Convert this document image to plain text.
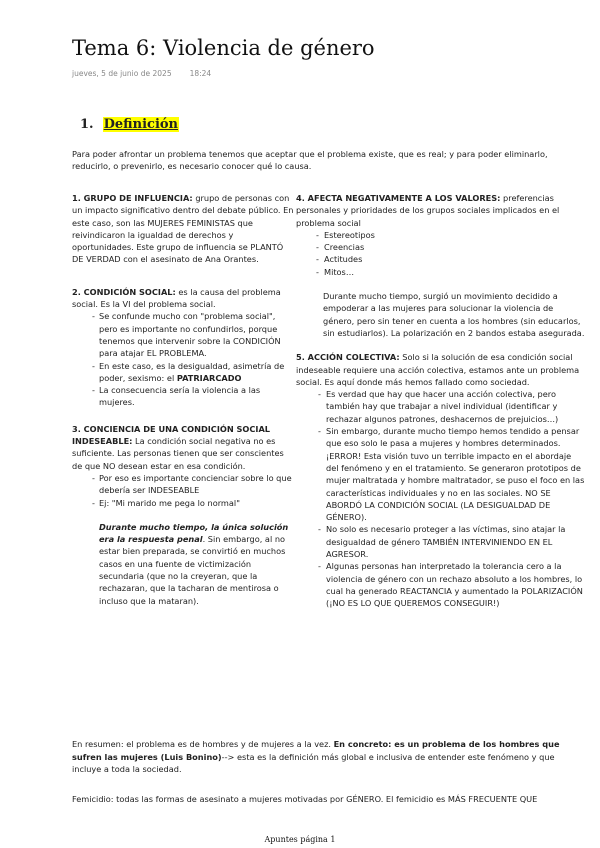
Tema 6: Violencia de género
jueves, 5 de junio de 2025 18:24
1. Definición
Para poder afrontar un problema tenemos que aceptar que el problema existe, que es real; y para poder eliminarlo, reducirlo, o prevenirlo, es necesario conocer qué lo causa.

1. GRUPO DE INFLUENCIA: grupo de personas con un impacto significativo dentro del debate público. En este caso, son las MUJERES FEMINISTAS que reivindicaron la igualdad de derechos y oportunidades. Este grupo de influencia se PLANTÓ DE VERDAD con el asesinato de Ana Orantes.

2. CONDICIÓN SOCIAL: es la causa del problema social. Es la VI del problema social.

- Se confunde mucho con "problema social", pero es importante no confundirlos, porque tenemos que intervenir sobre la CONDICIÓN para atajar EL PROBLEMA.
- En este caso, es la desigualdad, asimetría de poder, sexismo: el PATRIARCADO
- La consecuencia sería la violencia a las mujeres.

3. CONCIENCIA DE UNA CONDICIÓN SOCIAL INDESEABLE: La condición social negativa no es suficiente. Las personas tienen que ser conscientes de que NO desean estar en esa condición.

- Por eso es importante concienciar sobre lo que debería ser INDESEABLE
- Ej: "Mi marido me pega lo normal"

Durante mucho tiempo, la única solución era la respuesta penal. Sin embargo, al no estar bien preparada, se convirtió en muchos casos en una fuente de victimización secundaria (que no la creyeran, que la rechazaran, que la tacharan de mentirosa o incluso que la mataran).

4. AFECTA NEGATIVAMENTE A LOS VALORES: preferencias personales y prioridades de los grupos sociales implicados en el problema social

- Estereotipos
- Creencias
- Actitudes
- Mitos…

Durante mucho tiempo, surgió un movimiento decidido a empoderar a las mujeres para solucionar la violencia de género, pero sin tener en cuenta a los hombres (sin educarlos, sin estudiarlos). La polarización en 2 bandos estaba asegurada.

5. ACCIÓN COLECTIVA: Solo si la solución de esa condición social indeseable requiere una acción colectiva, estamos ante un problema social. Es aquí donde más hemos fallado como sociedad.

- Es verdad que hay que hacer una acción colectiva, pero también hay que trabajar a nivel individual (identificar y rechazar algunos patrones, deshacernos de prejuicios…)
- Sin embargo, durante mucho tiempo hemos tendido a pensar que eso solo le pasa a mujeres y hombres determinados. ¡ERROR! Esta visión tuvo un terrible impacto en el abordaje del fenómeno y en el tratamiento. Se generaron prototipos de mujer maltratada y hombre maltratador, se puso el foco en las características individuales y no en las sociales. NO SE ABORDÓ LA CONDICIÓN SOCIAL (LA DESIGUALDAD DE GÉNERO).
- No solo es necesario proteger a las víctimas, sino atajar la desigualdad de género TAMBIÉN INTERVINIENDO EN EL AGRESOR.
- Algunas personas han interpretado la tolerancia cero a la violencia de género con un rechazo absoluto a los hombres, lo cual ha generado REACTANCIA y aumentado la POLARIZACIÓN (¡NO ES LO QUE QUEREMOS CONSEGUIR!)
En resumen: el problema es de hombres y de mujeres a la vez. En concreto: es un problema de los hombres que sufren las mujeres (Luis Bonino)--> esta es la definición más global e inclusiva de entender este fenómeno y que incluye a toda la sociedad.
Femicidio: todas las formas de asesinato a mujeres motivadas por GÉNERO. El femicidio es MÁS FRECUENTE QUE
Apuntes página 1
